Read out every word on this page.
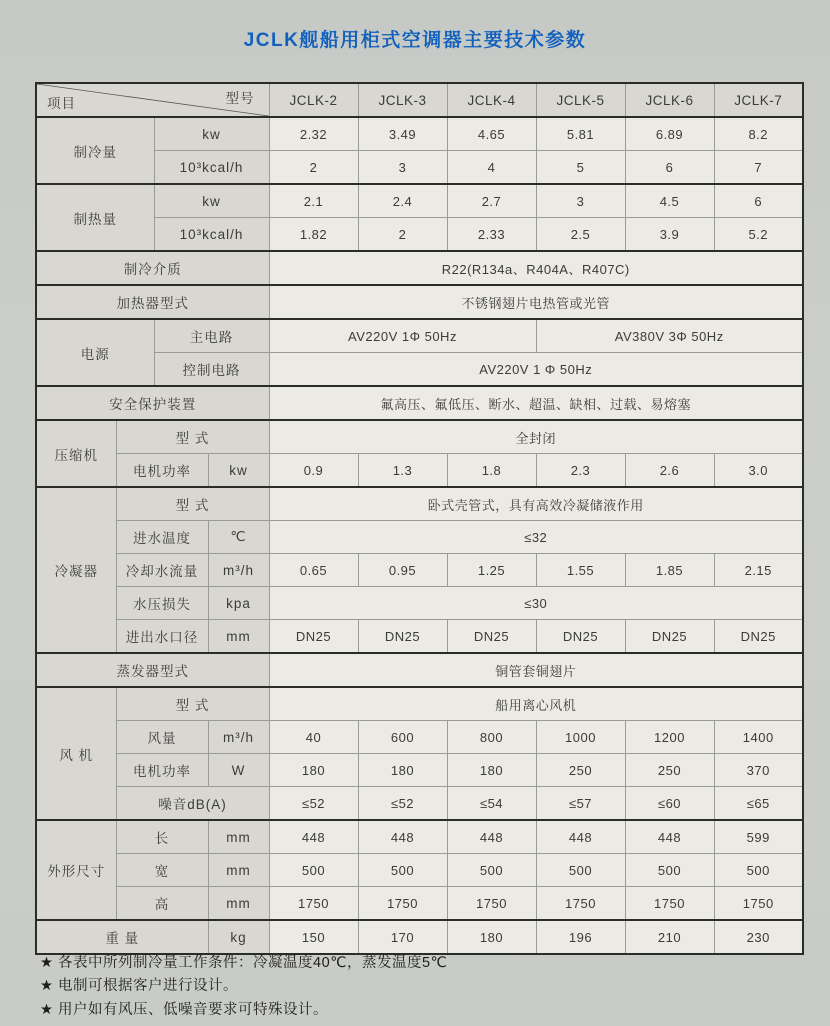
JCLK舰船用柜式空调器主要技术参数
项目 型号				JCLK-2	JCLK-3	JCLK-4	JCLK-5	JCLK-6	JCLK-7
制冷量		kw		2.32	3.49	4.65	5.81	6.89	8.2
		10³kcal/h		2	3	4	5	6	7
制热量		kw		2.1	2.4	2.7	3	4.5	6
		10³kcal/h		1.82	2	2.33	2.5	3.9	5.2
制冷介质				R22(R134a、R404A、R407C)					
加热器型式				不锈钢翅片电热管或光管					
电源		主电路		AV220V 1Φ 50Hz			AV380V 3Φ 50Hz		
		控制电路		AV220V 1 Φ 50Hz					
安全保护装置				氟高压、氟低压、断水、超温、缺相、过载、易熔塞					
压缩机	型 式			全封闭					
	电机功率		kw	0.9	1.3	1.8	2.3	2.6	3.0
冷凝器	型 式			卧式壳管式，具有高效冷凝储液作用					
	进水温度		℃	≤32					
	冷却水流量		m³/h	0.65	0.95	1.25	1.55	1.85	2.15
	水压损失		kpa	≤30					
	进出水口径		mm	DN25	DN25	DN25	DN25	DN25	DN25
蒸发器型式				铜管套铜翅片					
风 机	型 式			船用离心风机					
	风量		m³/h	40	600	800	1000	1200	1400
	电机功率		W	180	180	180	250	250	370
	噪音dB(A)			≤52	≤52	≤54	≤57	≤60	≤65
外形尺寸	长		mm	448	448	448	448	448	599
	宽		mm	500	500	500	500	500	500
	高		mm	1750	1750	1750	1750	1750	1750
重 量			kg	150	170	180	196	210	230
★ 各表中所列制冷量工作条件：冷凝温度40℃，蒸发温度5℃
★ 电制可根据客户进行设计。
★ 用户如有风压、低噪音要求可特殊设计。
